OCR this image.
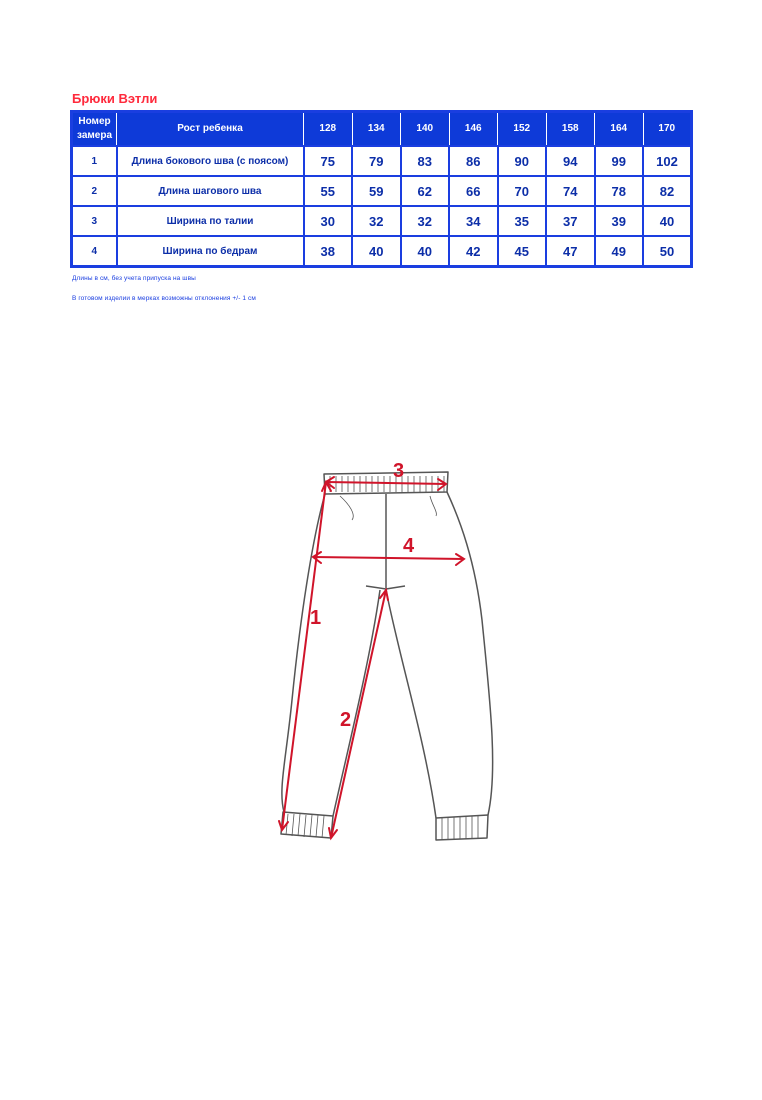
Брюки Вэтли
Номер
замера	Рост ребенка	128	134	140	146	152	158	164	170
1	Длина бокового шва (с поясом)	75	79	83	86	90	94	99	102
2	Длина шагового шва	55	59	62	66	70	74	78	82
3	Ширина по талии	30	32	32	34	35	37	39	40
4	Ширина по бедрам	38	40	40	42	45	47	49	50
Длины в см, без учета припуска на швы
В готовом изделии в мерках возможны отклонения +/- 1 см
3
4
1
2
